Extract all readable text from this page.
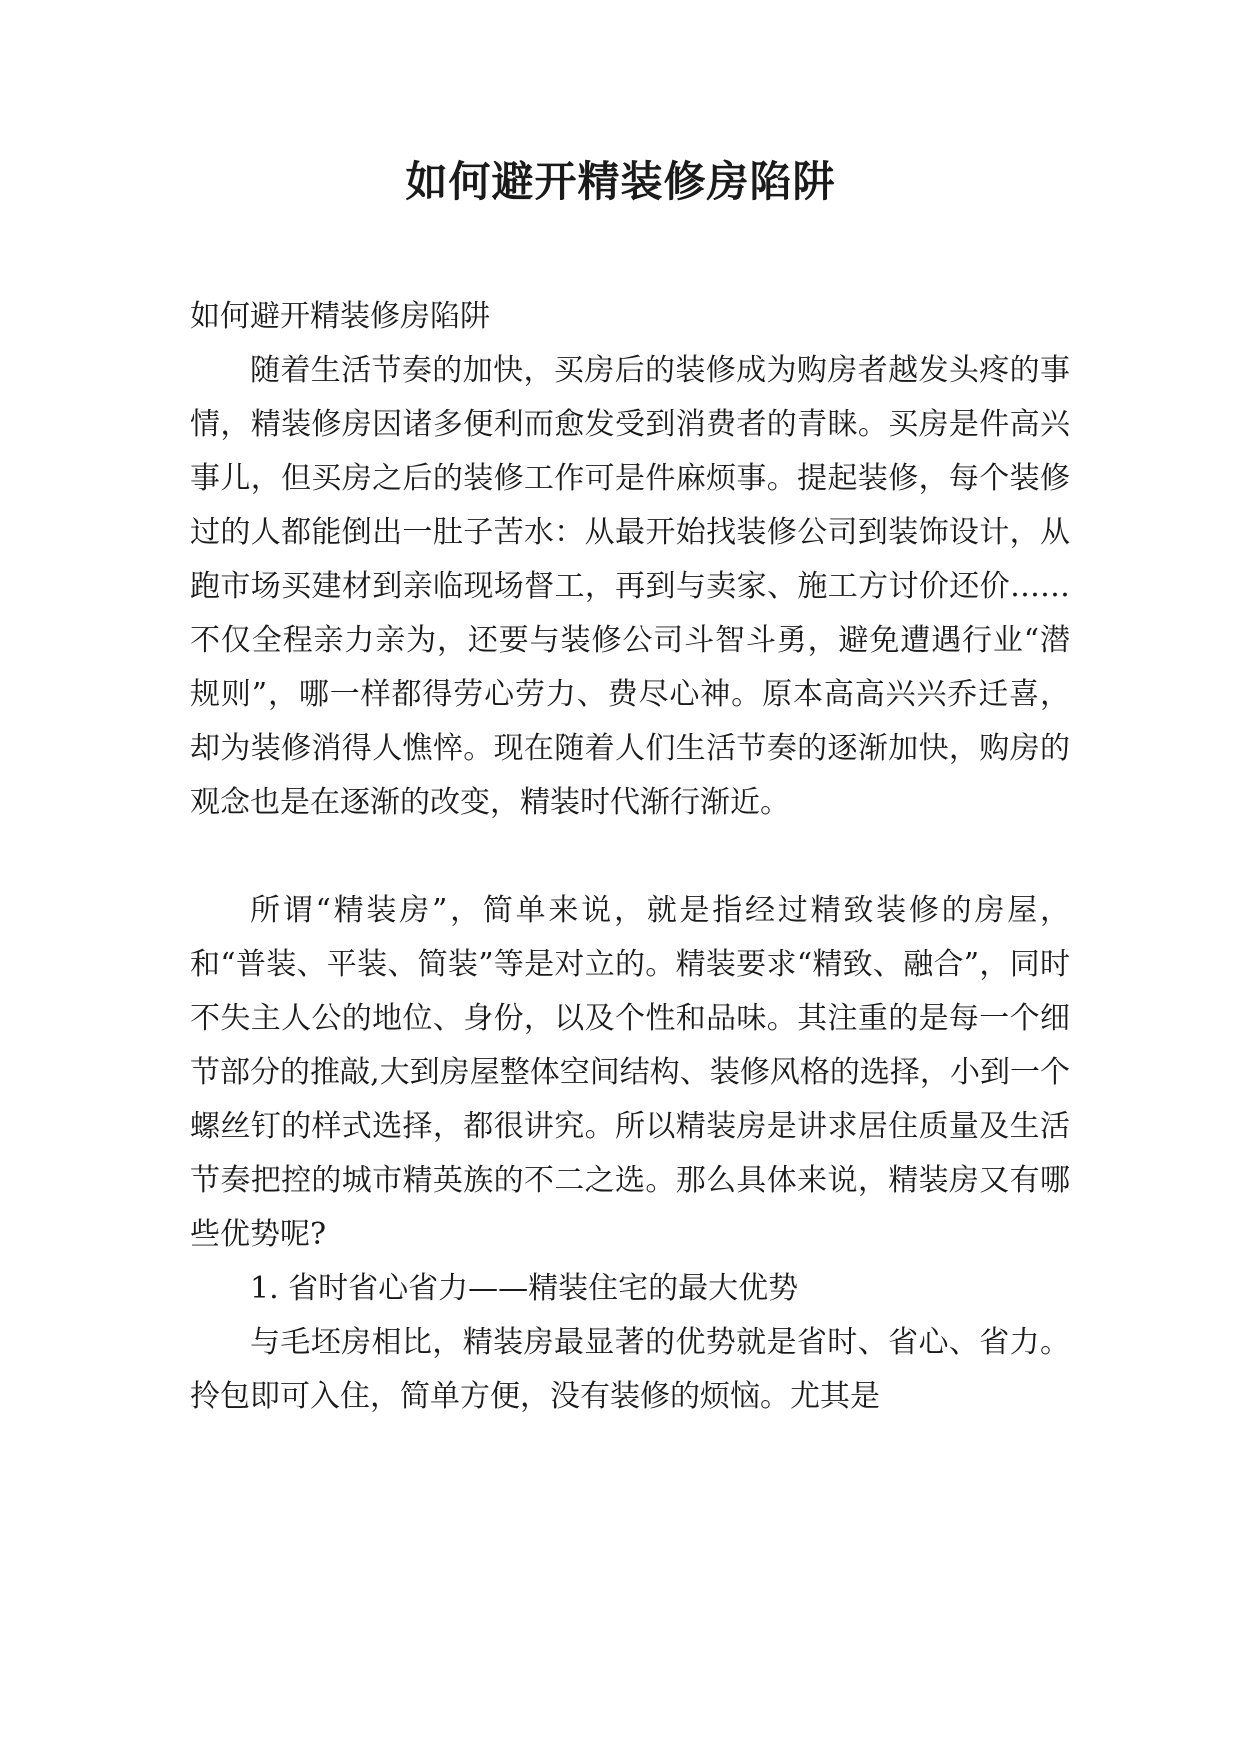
如何避开精装修房陷阱

如何避开精装修房陷阱

随着生活节奏的加快，买房后的装修成为购房者越发头疼的事情，精装修房因诸多便利而愈发受到消费者的青睐。买房是件高兴事儿，但买房之后的装修工作可是件麻烦事。提起装修，每个装修过的人都能倒出一肚子苦水：从最开始找装修公司到装饰设计，从跑市场买建材到亲临现场督工，再到与卖家、施工方讨价还价……不仅全程亲力亲为，还要与装修公司斗智斗勇，避免遭遇行业“潜规则”，哪一样都得劳心劳力、费尽心神。原本高高兴兴乔迁喜，却为装修消得人憔悴。现在随着人们生活节奏的逐渐加快，购房的观念也是在逐渐的改变，精装时代渐行渐近。

所谓“精装房”，简单来说，就是指经过精致装修的房屋，和“普装、平装、简装”等是对立的。精装要求“精致、融合”，同时不失主人公的地位、身份，以及个性和品味。其注重的是每一个细节部分的推敲,大到房屋整体空间结构、装修风格的选择，小到一个螺丝钉的样式选择，都很讲究。所以精装房是讲求居住质量及生活节奏把控的城市精英族的不二之选。那么具体来说，精装房又有哪些优势呢?

1. 省时省心省力——精装住宅的最大优势

与毛坯房相比，精装房最显著的优势就是省时、省心、省力。拎包即可入住，简单方便，没有装修的烦恼。尤其是
